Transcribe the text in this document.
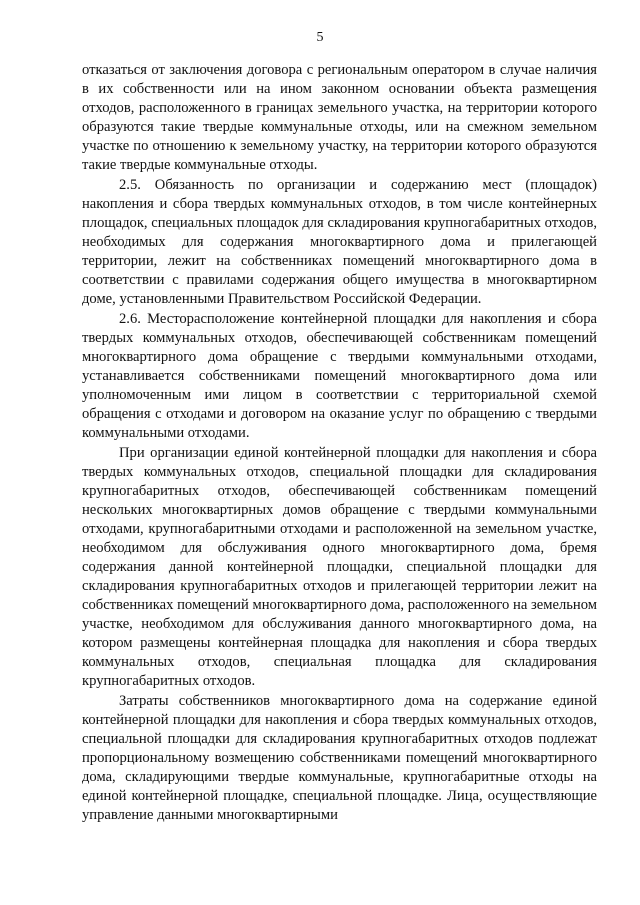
5

отказаться от заключения договора с региональным оператором в случае наличия в их собственности или на ином законном основании объекта размещения отходов, расположенного в границах земельного участка, на территории которого образуются такие твердые коммунальные отходы, или на смежном земельном участке по отношению к земельному участку, на территории которого образуются такие твердые коммунальные отходы.

2.5. Обязанность по организации и содержанию мест (площадок) накопления и сбора твердых коммунальных отходов, в том числе контейнерных площадок, специальных площадок для складирования крупногабаритных отходов, необходимых для содержания многоквартирного дома и прилегающей территории, лежит на собственниках помещений многоквартирного дома в соответствии с правилами содержания общего имущества в многоквартирном доме, установленными Правительством Российской Федерации.

2.6. Месторасположение контейнерной площадки для накопления и сбора твердых коммунальных отходов, обеспечивающей собственникам помещений многоквартирного дома обращение с твердыми коммунальными отходами, устанавливается собственниками помещений многоквартирного дома или уполномоченным ими лицом в соответствии с территориальной схемой обращения с отходами и договором на оказание услуг по обращению с твердыми коммунальными отходами.

При организации единой контейнерной площадки для накопления и сбора твердых коммунальных отходов, специальной площадки для складирования крупногабаритных отходов, обеспечивающей собственникам помещений нескольких многоквартирных домов обращение с твердыми коммунальными отходами, крупногабаритными отходами и расположенной на земельном участке, необходимом для обслуживания одного многоквартирного дома, бремя содержания данной контейнерной площадки, специальной площадки для складирования крупногабаритных отходов и прилегающей территории лежит на собственниках помещений многоквартирного дома, расположенного на земельном участке, необходимом для обслуживания данного многоквартирного дома, на котором размещены контейнерная площадка для накопления и сбора твердых коммунальных отходов, специальная площадка для складирования крупногабаритных отходов.

Затраты собственников многоквартирного дома на содержание единой контейнерной площадки для накопления и сбора твердых коммунальных отходов, специальной площадки для складирования крупногабаритных отходов подлежат пропорциональному возмещению собственниками помещений многоквартирного дома, складирующими твердые коммунальные, крупногабаритные отходы на единой контейнерной площадке, специальной площадке. Лица, осуществляющие управление данными многоквартирными
